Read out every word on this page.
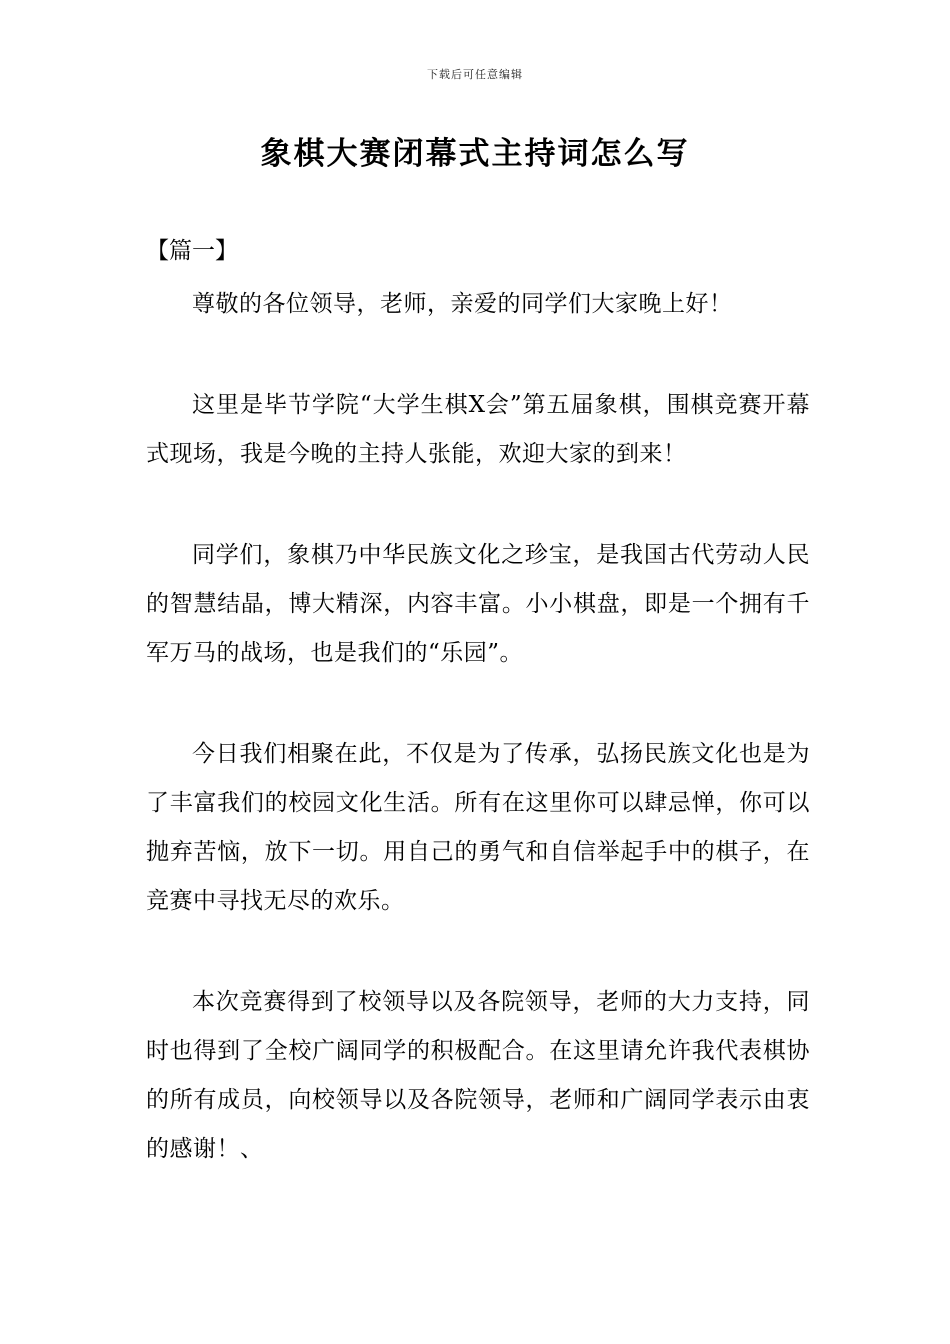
下载后可任意编辑
象棋大赛闭幕式主持词怎么写
【篇一】

尊敬的各位领导，老师，亲爱的同学们大家晚上好！

这里是毕节学院“大学生棋X会”第五届象棋，围棋竞赛开幕式现场，我是今晚的主持人张能，欢迎大家的到来！

同学们，象棋乃中华民族文化之珍宝，是我国古代劳动人民的智慧结晶，博大精深，内容丰富。小小棋盘，即是一个拥有千军万马的战场，也是我们的“乐园”。

今日我们相聚在此，不仅是为了传承，弘扬民族文化也是为了丰富我们的校园文化生活。所有在这里你可以肆忌惮，你可以抛弃苦恼，放下一切。用自己的勇气和自信举起手中的棋子，在竞赛中寻找无尽的欢乐。

本次竞赛得到了校领导以及各院领导，老师的大力支持，同时也得到了全校广阔同学的积极配合。在这里请允许我代表棋协的所有成员，向校领导以及各院领导，老师和广阔同学表示由衷的感谢！、
